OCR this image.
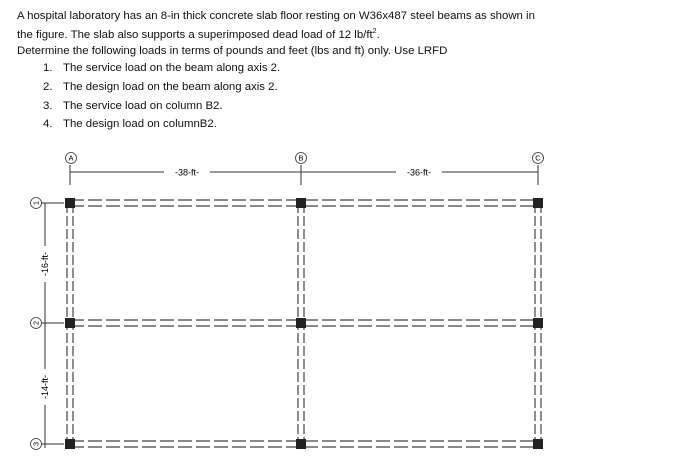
A hospital laboratory has an 8-in thick concrete slab floor resting on W36x487 steel beams as shown in

the figure. The slab also supports a superimposed dead load of 12 $lb/ft^2$.

Determine the following loads in terms of pounds and feet (lbs and ft) only. Use LRFD

1. The service load on the beam along axis 2.
2. The design load on the beam along axis 2.
3. The service load on column B2.
4. The design load on columnB2.
-38-ft-	-36-ft-
-16-ft-
-14-ft-
A	B	C
1
2
3
